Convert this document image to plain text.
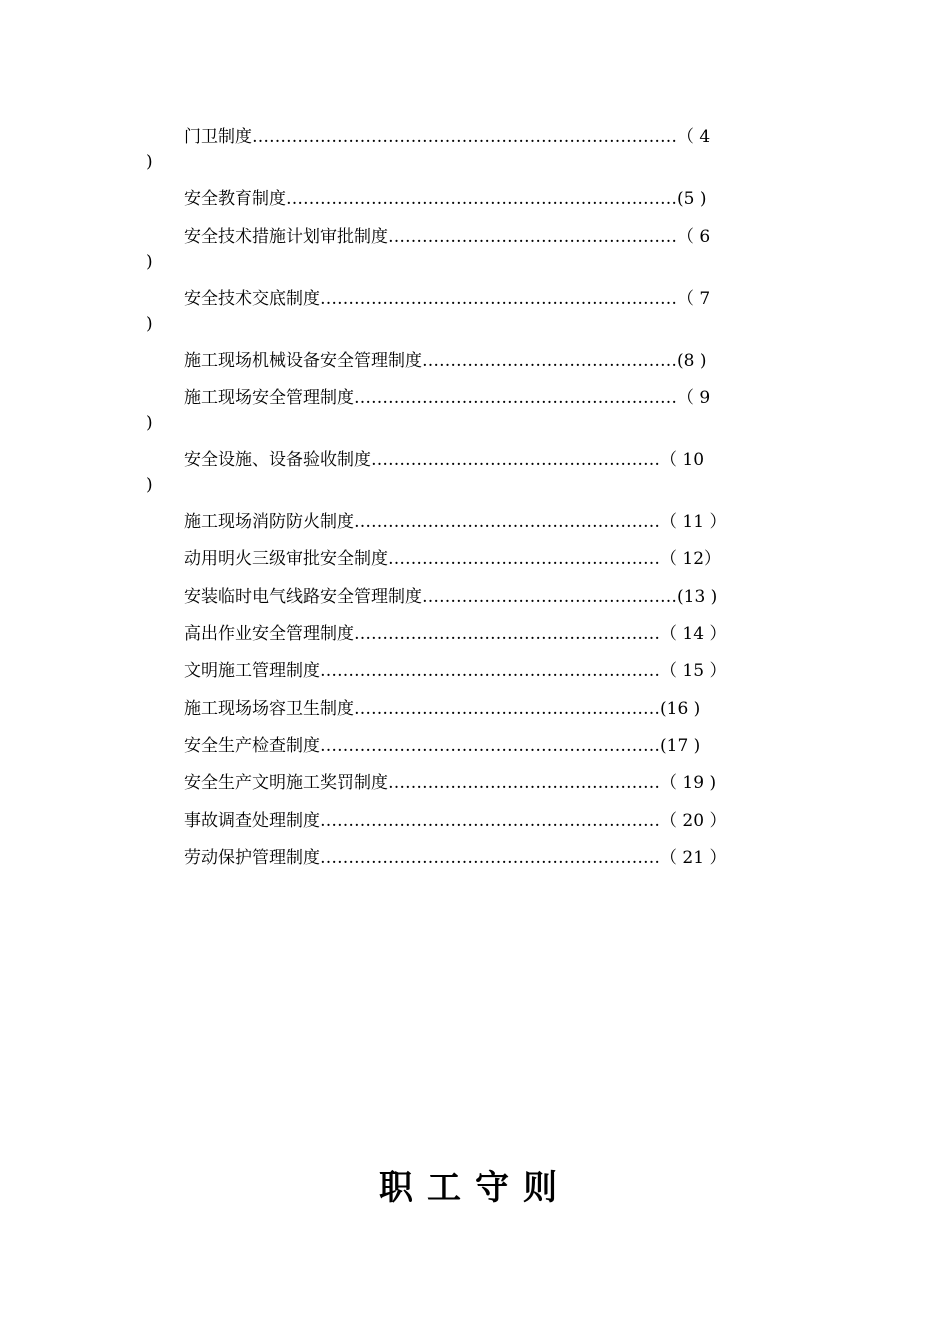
门卫制度…………………………………………………………………（ 4
)
安全教育制度……………………………………………………………(5 )
安全技术措施计划审批制度……………………………………………（ 6
)
安全技术交底制度………………………………………………………（ 7
)
施工现场机械设备安全管理制度………………………………………(8 )
施工现场安全管理制度…………………………………………………（ 9
)
安全设施、设备验收制度……………………………………………（ 10
)
施工现场消防防火制度………………………………………………（ 11 ）
动用明火三级审批安全制度…………………………………………（ 12）
安装临时电气线路安全管理制度………………………………………(13 )
高出作业安全管理制度………………………………………………（ 14 ）
文明施工管理制度……………………………………………………（ 15 ）
施工现场场容卫生制度………………………………………………(16 )
安全生产检查制度……………………………………………………(17 )
安全生产文明施工奖罚制度…………………………………………（ 19 )
事故调查处理制度……………………………………………………（ 20 ）
劳动保护管理制度……………………………………………………（ 21 ）
职工守则
